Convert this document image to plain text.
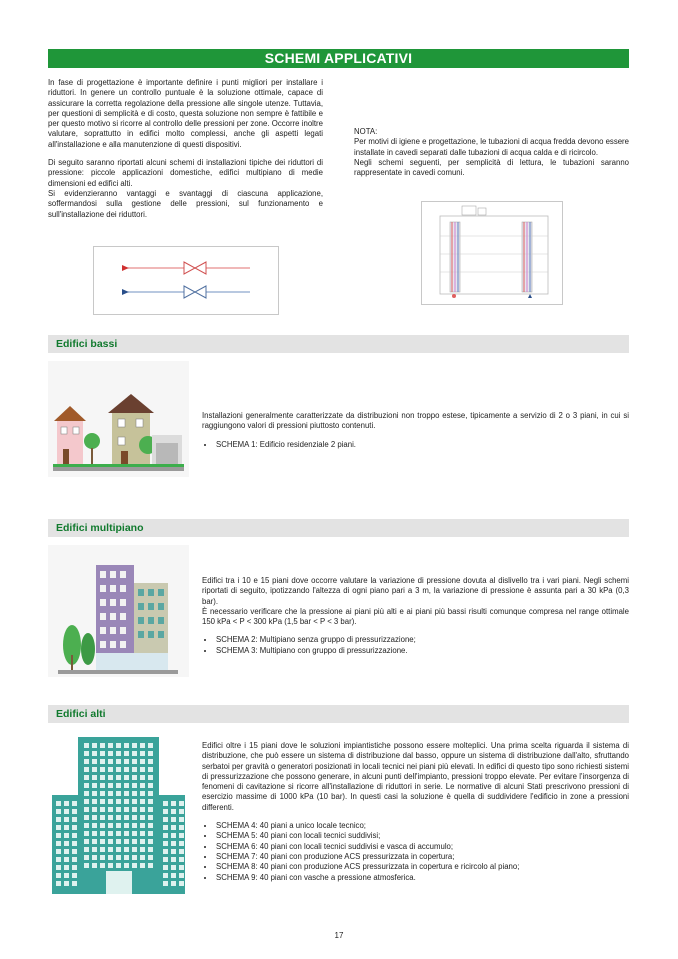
SCHEMI APPLICATIVI

In fase di progettazione è importante definire i punti migliori per installare i riduttori. In genere un controllo puntuale è la soluzione ottimale, capace di assicurare la corretta regolazione della pressione alle singole utenze. Tuttavia, per questioni di semplicità e di costo, questa soluzione non sempre è fattibile e per questo motivo si ricorre al controllo delle pressioni per zone. Occorre inoltre valutare, soprattutto in edifici molto complessi, anche gli aspetti legati all'installazione e alla manutenzione di questi dispositivi.

Di seguito saranno riportati alcuni schemi di installazioni tipiche dei riduttori di pressione: piccole applicazioni domestiche, edifici multipiano di medie dimensioni ed edifici alti.

Si evidenzieranno vantaggi e svantaggi di ciascuna applicazione, soffermandosi sulla gestione delle pressioni, sul funzionamento e sull'installazione dei riduttori.

NOTA:

Per motivi di igiene e progettazione, le tubazioni di acqua fredda devono essere installate in cavedi separati dalle tubazioni di acqua calda e di ricircolo.

Negli schemi seguenti, per semplicità di lettura, le tubazioni saranno rappresentate in cavedi comuni.

Edifici bassi
Installazioni generalmente caratterizzate da distribuzioni non troppo estese, tipicamente a servizio di 2 o 3 piani, in cui si raggiungono valori di pressioni piuttosto contenuti.
• SCHEMA 1: Edificio residenziale 2 piani.
Edifici multipiano
Edifici tra i 10 e 15 piani dove occorre valutare la variazione di pressione dovuta al dislivello tra i vari piani. Negli schemi riportati di seguito, ipotizzando l'altezza di ogni piano pari a 3 m, la variazione di pressione è assunta pari a 30 kPa (0,3 bar).
È necessario verificare che la pressione ai piani più alti e ai piani più bassi risulti comunque compresa nel range ottimale 150 kPa < P < 300 kPa (1,5 bar < P < 3 bar).
• SCHEMA 2: Multipiano senza gruppo di pressurizzazione;
• SCHEMA 3: Multipiano con gruppo di pressurizzazione.
Edifici alti
Edifici oltre i 15 piani dove le soluzioni impiantistiche possono essere molteplici. Una prima scelta riguarda il sistema di distribuzione, che può essere un sistema di distribuzione dal basso, oppure un sistema di distribuzione dall'alto, sfruttando serbatoi per gravità o generatori posizionati in locali tecnici nei piani più elevati. In edifici di questo tipo sono richiesti sistemi di pressurizzazione che possono generare, in alcuni punti dell'impianto, pressioni troppo elevate. Per evitare l'insorgenza di fenomeni di cavitazione si ricorre all'installazione di riduttori in serie. Le normative di alcuni Stati prescrivono pressioni di esercizio massime di 1000 kPa (10 bar). In questi casi la soluzione è quella di suddividere l'edificio in zone a pressioni differenti.
• SCHEMA 4: 40 piani a unico locale tecnico;
• SCHEMA 5: 40 piani con locali tecnici suddivisi;
• SCHEMA 6: 40 piani con locali tecnici suddivisi e vasca di accumulo;
• SCHEMA 7: 40 piani con produzione ACS pressurizzata in copertura;
• SCHEMA 8: 40 piani con produzione ACS pressurizzata in copertura e ricircolo al piano;
• SCHEMA 9: 40 piani con vasche a pressione atmosferica.
17
